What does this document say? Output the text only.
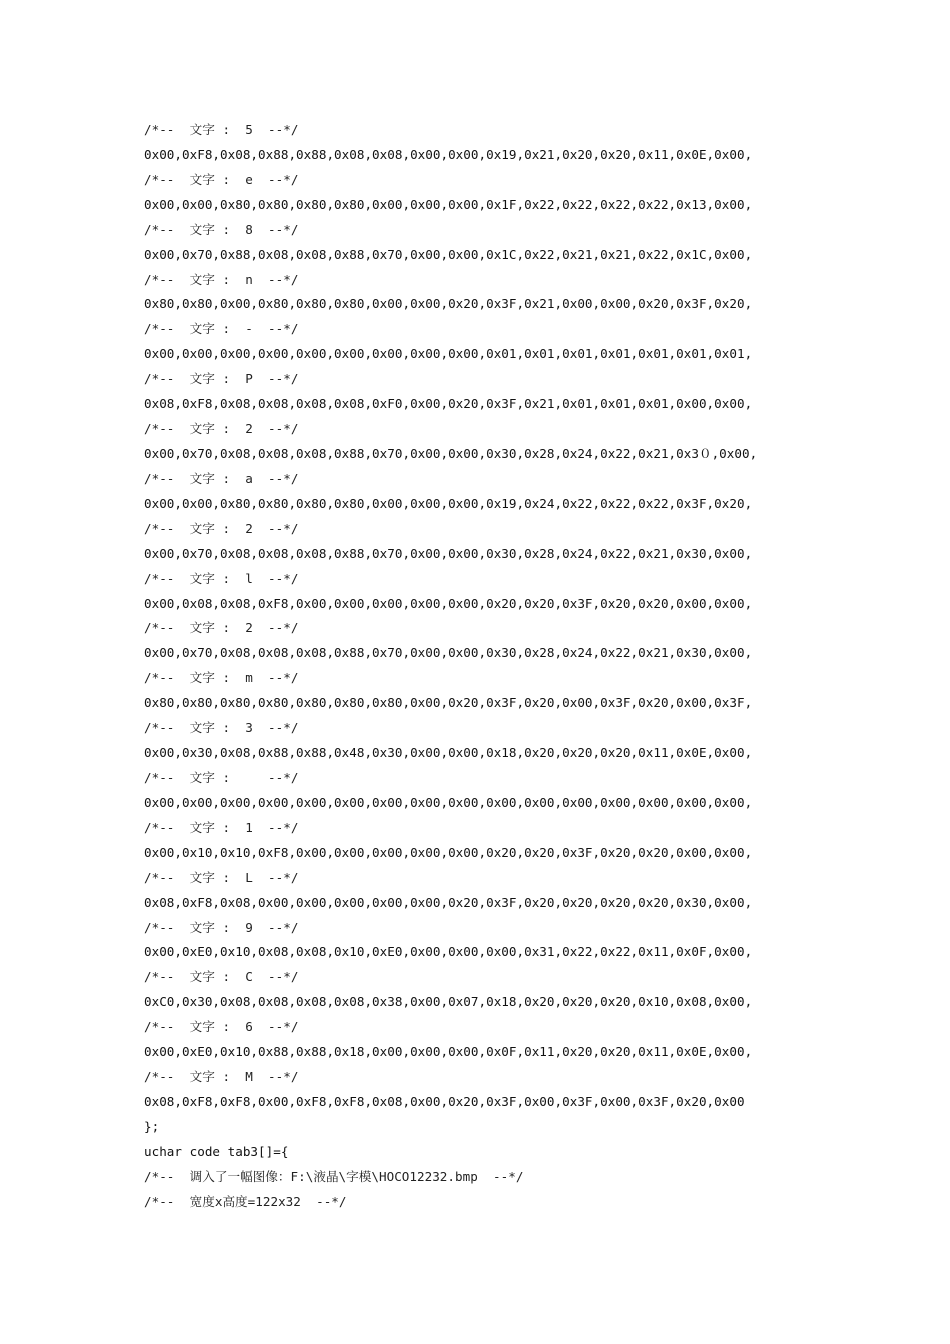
/*--  文字 :  5  --*/
0x00,0xF8,0x08,0x88,0x88,0x08,0x08,0x00,0x00,0x19,0x21,0x20,0x20,0x11,0x0E,0x00,
/*--  文字 :  e  --*/
0x00,0x00,0x80,0x80,0x80,0x80,0x00,0x00,0x00,0x1F,0x22,0x22,0x22,0x22,0x13,0x00,
/*--  文字 :  8  --*/
0x00,0x70,0x88,0x08,0x08,0x88,0x70,0x00,0x00,0x1C,0x22,0x21,0x21,0x22,0x1C,0x00,
/*--  文字 :  n  --*/
0x80,0x80,0x00,0x80,0x80,0x80,0x00,0x00,0x20,0x3F,0x21,0x00,0x00,0x20,0x3F,0x20,
/*--  文字 :  -  --*/
0x00,0x00,0x00,0x00,0x00,0x00,0x00,0x00,0x00,0x01,0x01,0x01,0x01,0x01,0x01,0x01,
/*--  文字 :  P  --*/
0x08,0xF8,0x08,0x08,0x08,0x08,0xF0,0x00,0x20,0x3F,0x21,0x01,0x01,0x01,0x00,0x00,
/*--  文字 :  2  --*/
0x00,0x70,0x08,0x08,0x08,0x88,0x70,0x00,0x00,0x30,0x28,0x24,0x22,0x21,0x3０,0x00,
/*--  文字 :  a  --*/
0x00,0x00,0x80,0x80,0x80,0x80,0x00,0x00,0x00,0x19,0x24,0x22,0x22,0x22,0x3F,0x20,
/*--  文字 :  2  --*/
0x00,0x70,0x08,0x08,0x08,0x88,0x70,0x00,0x00,0x30,0x28,0x24,0x22,0x21,0x30,0x00,
/*--  文字 :  l  --*/
0x00,0x08,0x08,0xF8,0x00,0x00,0x00,0x00,0x00,0x20,0x20,0x3F,0x20,0x20,0x00,0x00,
/*--  文字 :  2  --*/
0x00,0x70,0x08,0x08,0x08,0x88,0x70,0x00,0x00,0x30,0x28,0x24,0x22,0x21,0x30,0x00,
/*--  文字 :  m  --*/
0x80,0x80,0x80,0x80,0x80,0x80,0x80,0x00,0x20,0x3F,0x20,0x00,0x3F,0x20,0x00,0x3F,
/*--  文字 :  3  --*/
0x00,0x30,0x08,0x88,0x88,0x48,0x30,0x00,0x00,0x18,0x20,0x20,0x20,0x11,0x0E,0x00,
/*--  文字 :     --*/
0x00,0x00,0x00,0x00,0x00,0x00,0x00,0x00,0x00,0x00,0x00,0x00,0x00,0x00,0x00,0x00,
/*--  文字 :  1  --*/
0x00,0x10,0x10,0xF8,0x00,0x00,0x00,0x00,0x00,0x20,0x20,0x3F,0x20,0x20,0x00,0x00,
/*--  文字 :  L  --*/
0x08,0xF8,0x08,0x00,0x00,0x00,0x00,0x00,0x20,0x3F,0x20,0x20,0x20,0x20,0x30,0x00,
/*--  文字 :  9  --*/
0x00,0xE0,0x10,0x08,0x08,0x10,0xE0,0x00,0x00,0x00,0x31,0x22,0x22,0x11,0x0F,0x00,
/*--  文字 :  C  --*/
0xC0,0x30,0x08,0x08,0x08,0x08,0x38,0x00,0x07,0x18,0x20,0x20,0x20,0x10,0x08,0x00,
/*--  文字 :  6  --*/
0x00,0xE0,0x10,0x88,0x88,0x18,0x00,0x00,0x00,0x0F,0x11,0x20,0x20,0x11,0x0E,0x00,
/*--  文字 :  M  --*/
0x08,0xF8,0xF8,0x00,0xF8,0xF8,0x08,0x00,0x20,0x3F,0x00,0x3F,0x00,0x3F,0x20,0x00
};
uchar code tab3[]={
/*--  调入了一幅图像：F:\液晶\字模\HOCO12232.bmp  --*/
/*--  宽度x高度=122x32  --*/
